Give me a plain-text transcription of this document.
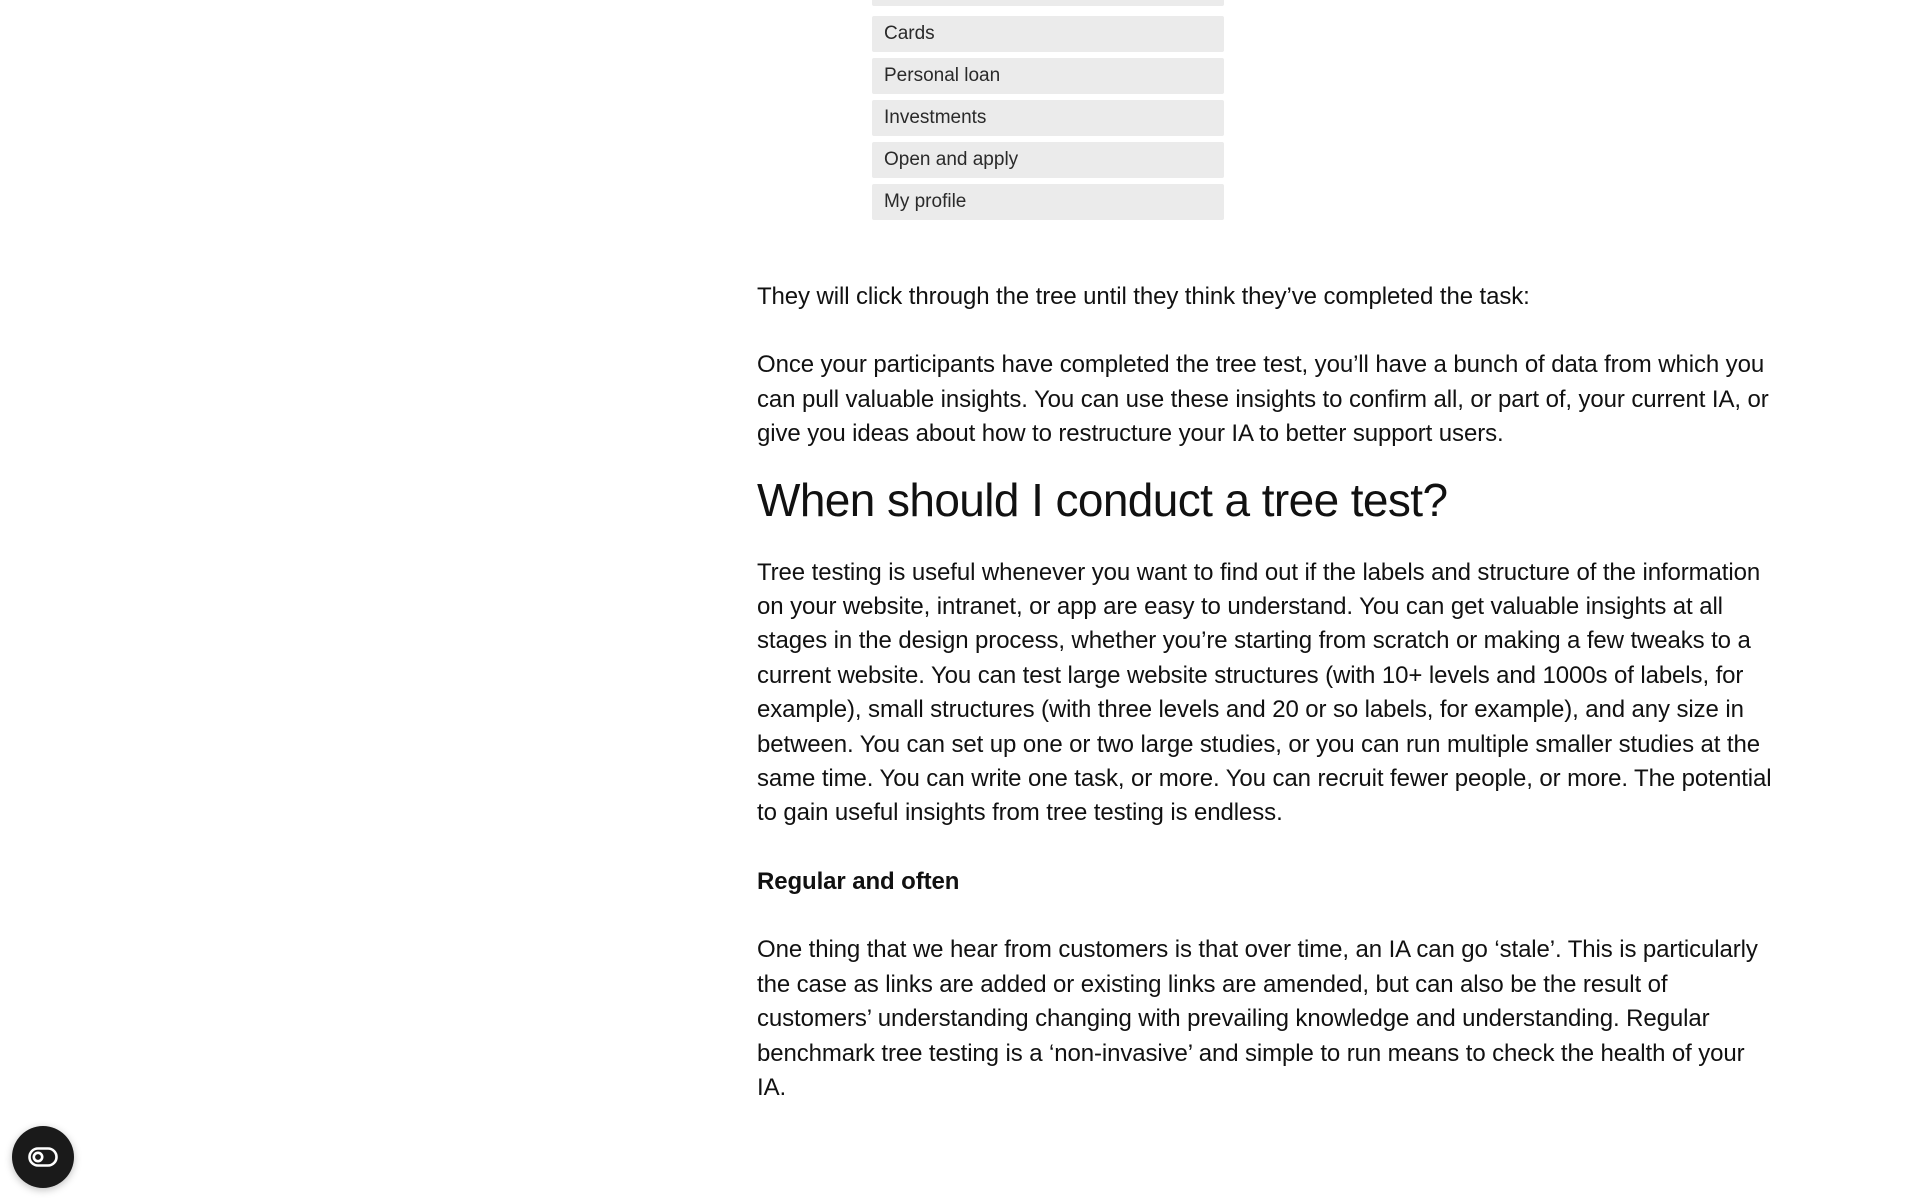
Cards
Personal loan
Investments
Open and apply
My profile

They will click through the tree until they think they’ve completed the task:

Once your participants have completed the tree test, you’ll have a bunch of data from which you can pull valuable insights. You can use these insights to confirm all, or part of, your current IA, or give you ideas about how to restructure your IA to better support users.

When should I conduct a tree test?

Tree testing is useful whenever you want to find out if the labels and structure of the information on your website, intranet, or app are easy to understand. You can get valuable insights at all stages in the design process, whether you’re starting from scratch or making a few tweaks to a current website. You can test large website structures (with 10+ levels and 1000s of labels, for example), small structures (with three levels and 20 or so labels, for example), and any size in between. You can set up one or two large studies, or you can run multiple smaller studies at the same time. You can write one task, or more. You can recruit fewer people, or more. The potential to gain useful insights from tree testing is endless.

Regular and often

One thing that we hear from customers is that over time, an IA can go ‘stale’. This is particularly the case as links are added or existing links are amended, but can also be the result of customers’ understanding changing with prevailing knowledge and understanding. Regular benchmark tree testing is a ‘non-invasive’ and simple to run means to check the health of your IA.
